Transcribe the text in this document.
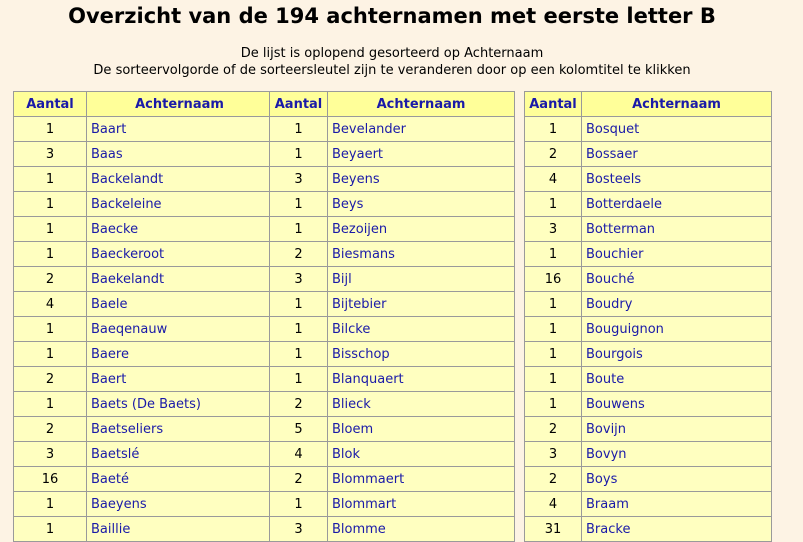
Overzicht van de 194 achternamen met eerste letter B
De lijst is oplopend gesorteerd op Achternaam
De sorteervolgorde of de sorteersleutel zijn te veranderen door op een kolomtitel te klikken
Aantal	Achternaam
1	Baart
3	Baas
1	Backelandt
1	Backeleine
1	Baecke
1	Baeckeroot
2	Baekelandt
4	Baele
1	Baeqenauw
1	Baere
2	Baert
1	Baets (De Baets)
2	Baetseliers
3	Baetslé
16	Baeté
1	Baeyens
1	Baillie
Aantal	Achternaam
1	Bevelander
1	Beyaert
3	Beyens
1	Beys
1	Bezoijen
2	Biesmans
3	Bijl
1	Bijtebier
1	Bilcke
1	Bisschop
1	Blanquaert
2	Blieck
5	Bloem
4	Blok
2	Blommaert
1	Blommart
3	Blomme
Aantal	Achternaam
1	Bosquet
2	Bossaer
4	Bosteels
1	Botterdaele
3	Botterman
1	Bouchier
16	Bouché
1	Boudry
1	Bouguignon
1	Bourgois
1	Boute
1	Bouwens
2	Bovijn
3	Bovyn
2	Boys
4	Braam
31	Bracke
